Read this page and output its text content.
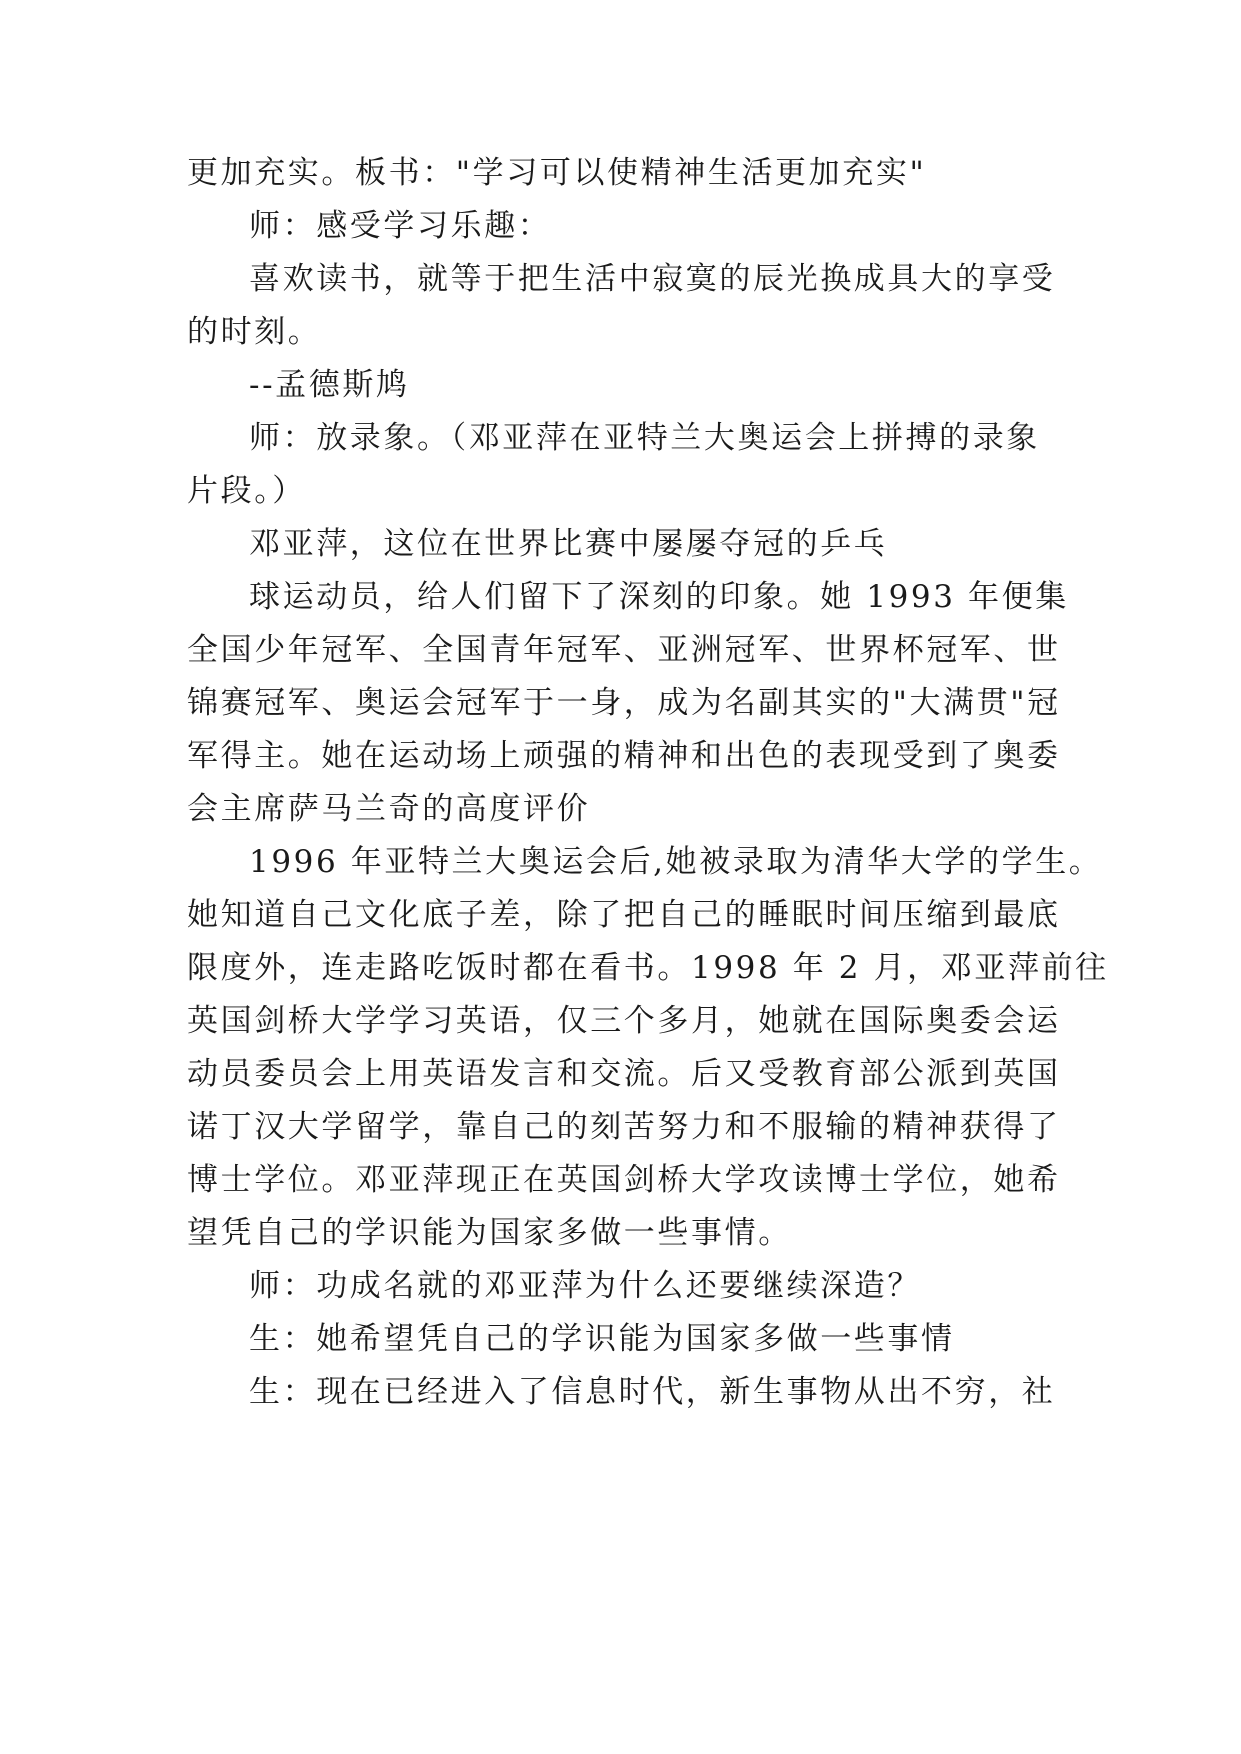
更加充实。板书："学习可以使精神生活更加充实"

师：感受学习乐趣：

喜欢读书，就等于把生活中寂寞的辰光换成具大的享受

的时刻。

--孟德斯鸠

师：放录象。（邓亚萍在亚特兰大奥运会上拼搏的录象

片段。）

邓亚萍，这位在世界比赛中屡屡夺冠的乒乓

球运动员，给人们留下了深刻的印象。她 1993 年便集

全国少年冠军、全国青年冠军、亚洲冠军、世界杯冠军、世

锦赛冠军、奥运会冠军于一身，成为名副其实的"大满贯"冠

军得主。她在运动场上顽强的精神和出色的表现受到了奥委

会主席萨马兰奇的高度评价

1996 年亚特兰大奥运会后,她被录取为清华大学的学生。

她知道自己文化底子差，除了把自己的睡眠时间压缩到最底

限度外，连走路吃饭时都在看书。1998 年 2 月，邓亚萍前往

英国剑桥大学学习英语，仅三个多月，她就在国际奥委会运

动员委员会上用英语发言和交流。后又受教育部公派到英国

诺丁汉大学留学，靠自己的刻苦努力和不服输的精神获得了

博士学位。邓亚萍现正在英国剑桥大学攻读博士学位，她希

望凭自己的学识能为国家多做一些事情。

师：功成名就的邓亚萍为什么还要继续深造？

生：她希望凭自己的学识能为国家多做一些事情

生：现在已经进入了信息时代，新生事物从出不穷，社
